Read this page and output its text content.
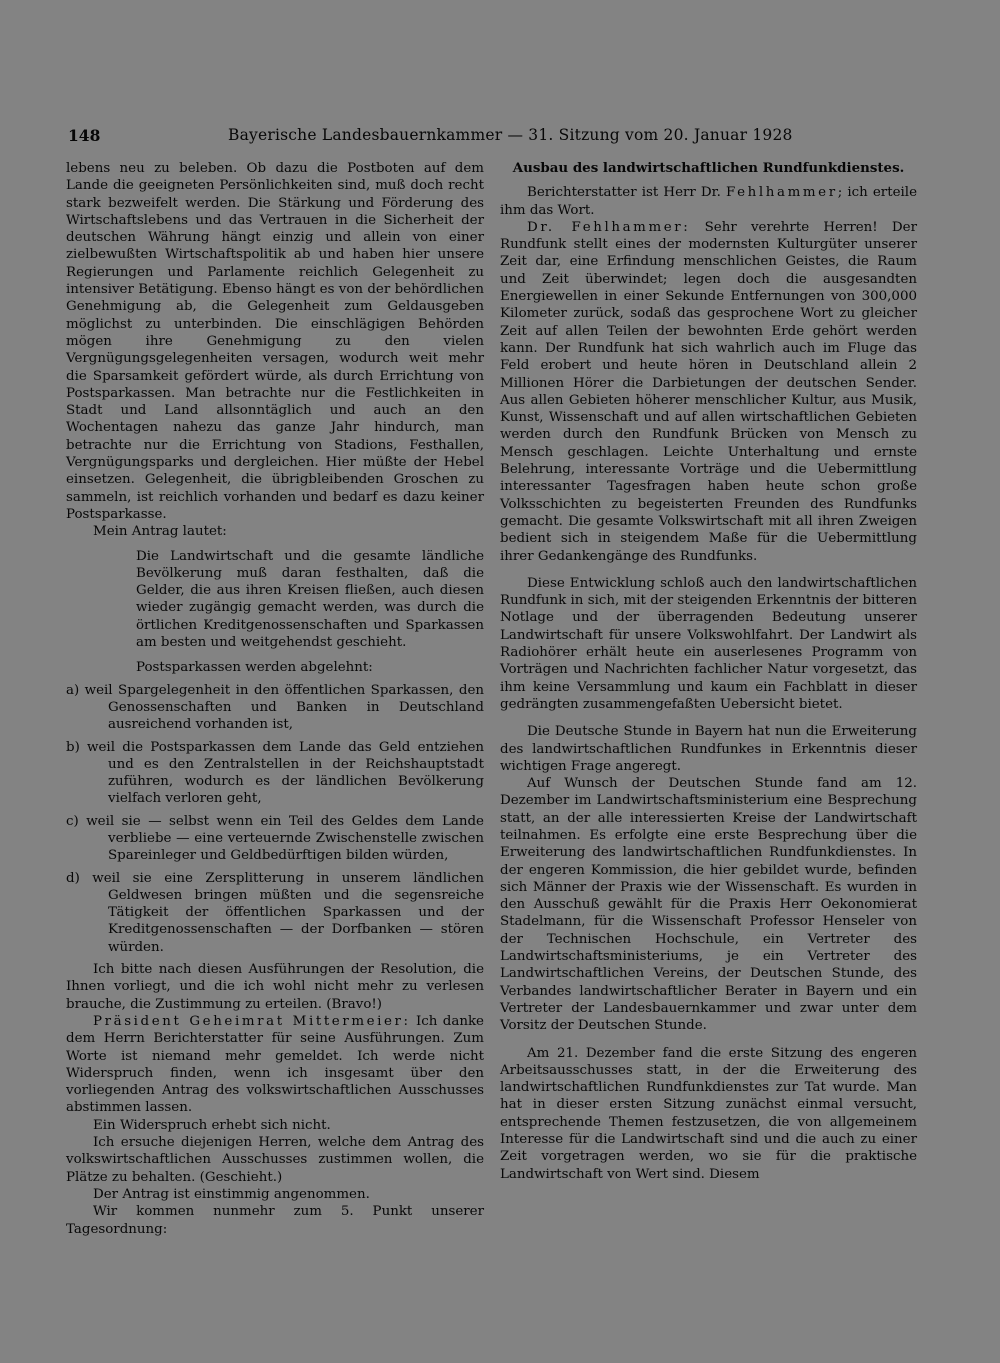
148	Bayerische Landesbauernkammer — 31. Sitzung vom 20. Januar 1928

lebens neu zu beleben. Ob dazu die Postboten auf dem Lande die geeigneten Persönlichkeiten sind, muß doch recht stark bezweifelt werden. Die Stärkung und Förderung des Wirtschaftslebens und das Vertrauen in die Sicherheit der deutschen Währung hängt einzig und allein von einer zielbewußten Wirtschaftspolitik ab und haben hier unsere Regierungen und Parlamente reichlich Gelegenheit zu intensiver Betätigung. Ebenso hängt es von der behördlichen Genehmigung ab, die Gelegenheit zum Geldausgeben möglichst zu unterbinden. Die einschlägigen Behörden mögen ihre Genehmigung zu den vielen Vergnügungsgelegenheiten versagen, wodurch weit mehr die Sparsamkeit gefördert würde, als durch Errichtung von Postsparkassen. Man betrachte nur die Festlichkeiten in Stadt und Land allsonntäglich und auch an den Wochentagen nahezu das ganze Jahr hindurch, man betrachte nur die Errichtung von Stadions, Festhallen, Vergnügungsparks und dergleichen. Hier müßte der Hebel einsetzen. Gelegenheit, die übrigbleibenden Groschen zu sammeln, ist reichlich vorhanden und bedarf es dazu keiner Postsparkasse.

Mein Antrag lautet:

Die Landwirtschaft und die gesamte ländliche Bevölkerung muß daran festhalten, daß die Gelder, die aus ihren Kreisen fließen, auch diesen wieder zugängig gemacht werden, was durch die örtlichen Kreditgenossenschaften und Sparkassen am besten und weitgehendst geschieht.

Postsparkassen werden abgelehnt:

a) weil Spargelegenheit in den öffentlichen Sparkassen, den Genossenschaften und Banken in Deutschland ausreichend vorhanden ist,

b) weil die Postsparkassen dem Lande das Geld entziehen und es den Zentralstellen in der Reichshauptstadt zuführen, wodurch es der ländlichen Bevölkerung vielfach verloren geht,

c) weil sie — selbst wenn ein Teil des Geldes dem Lande verbliebe — eine verteuernde Zwischenstelle zwischen Spareinleger und Geldbedürftigen bilden würden,

d) weil sie eine Zersplitterung in unserem ländlichen Geldwesen bringen müßten und die segensreiche Tätigkeit der öffentlichen Sparkassen und der Kreditgenossenschaften — der Dorfbanken — stören würden.

Ich bitte nach diesen Ausführungen der Resolution, die Ihnen vorliegt, und die ich wohl nicht mehr zu verlesen brauche, die Zustimmung zu erteilen. (Bravo!)

Präsident Geheimrat Mittermeier: Ich danke dem Herrn Berichterstatter für seine Ausführungen. Zum Worte ist niemand mehr gemeldet. Ich werde nicht Widerspruch finden, wenn ich insgesamt über den vorliegenden Antrag des volkswirtschaftlichen Ausschusses abstimmen lassen.

Ein Widerspruch erhebt sich nicht.

Ich ersuche diejenigen Herren, welche dem Antrag des volkswirtschaftlichen Ausschusses zustimmen wollen, die Plätze zu behalten. (Geschieht.)

Der Antrag ist einstimmig angenommen.

Wir kommen nunmehr zum 5. Punkt unserer Tagesordnung:

Ausbau des landwirtschaftlichen Rundfunkdienstes.

Berichterstatter ist Herr Dr. Fehlhammer; ich erteile ihm das Wort.

Dr. Fehlhammer: Sehr verehrte Herren! Der Rundfunk stellt eines der modernsten Kulturgüter unserer Zeit dar, eine Erfindung menschlichen Geistes, die Raum und Zeit überwindet; legen doch die ausgesandten Energiewellen in einer Sekunde Entfernungen von 300,000 Kilometer zurück, sodaß das gesprochene Wort zu gleicher Zeit auf allen Teilen der bewohnten Erde gehört werden kann. Der Rundfunk hat sich wahrlich auch im Fluge das Feld erobert und heute hören in Deutschland allein 2 Millionen Hörer die Darbietungen der deutschen Sender. Aus allen Gebieten höherer menschlicher Kultur, aus Musik, Kunst, Wissenschaft und auf allen wirtschaftlichen Gebieten werden durch den Rundfunk Brücken von Mensch zu Mensch geschlagen. Leichte Unterhaltung und ernste Belehrung, interessante Vorträge und die Uebermittlung interessanter Tagesfragen haben heute schon große Volksschichten zu begeisterten Freunden des Rundfunks gemacht. Die gesamte Volkswirtschaft mit all ihren Zweigen bedient sich in steigendem Maße für die Uebermittlung ihrer Gedankengänge des Rundfunks.

Diese Entwicklung schloß auch den landwirtschaftlichen Rundfunk in sich, mit der steigenden Erkenntnis der bitteren Notlage und der überragenden Bedeutung unserer Landwirtschaft für unsere Volkswohlfahrt. Der Landwirt als Radiohörer erhält heute ein auserlesenes Programm von Vorträgen und Nachrichten fachlicher Natur vorgesetzt, das ihm keine Versammlung und kaum ein Fachblatt in dieser gedrängten zusammengefaßten Uebersicht bietet.

Die Deutsche Stunde in Bayern hat nun die Erweiterung des landwirtschaftlichen Rundfunkes in Erkenntnis dieser wichtigen Frage angeregt.

Auf Wunsch der Deutschen Stunde fand am 12. Dezember im Landwirtschaftsministerium eine Besprechung statt, an der alle interessierten Kreise der Landwirtschaft teilnahmen. Es erfolgte eine erste Besprechung über die Erweiterung des landwirtschaftlichen Rundfunkdienstes. In der engeren Kommission, die hier gebildet wurde, befinden sich Männer der Praxis wie der Wissenschaft. Es wurden in den Ausschuß gewählt für die Praxis Herr Oekonomierat Stadelmann, für die Wissenschaft Professor Henseler von der Technischen Hochschule, ein Vertreter des Landwirtschaftsministeriums, je ein Vertreter des Landwirtschaftlichen Vereins, der Deutschen Stunde, des Verbandes landwirtschaftlicher Berater in Bayern und ein Vertreter der Landesbauernkammer und zwar unter dem Vorsitz der Deutschen Stunde.

Am 21. Dezember fand die erste Sitzung des engeren Arbeitsausschusses statt, in der die Erweiterung des landwirtschaftlichen Rundfunkdienstes zur Tat wurde. Man hat in dieser ersten Sitzung zunächst einmal versucht, entsprechende Themen festzusetzen, die von allgemeinem Interesse für die Landwirtschaft sind und die auch zu einer Zeit vorgetragen werden, wo sie für die praktische Landwirtschaft von Wert sind. Diesem
